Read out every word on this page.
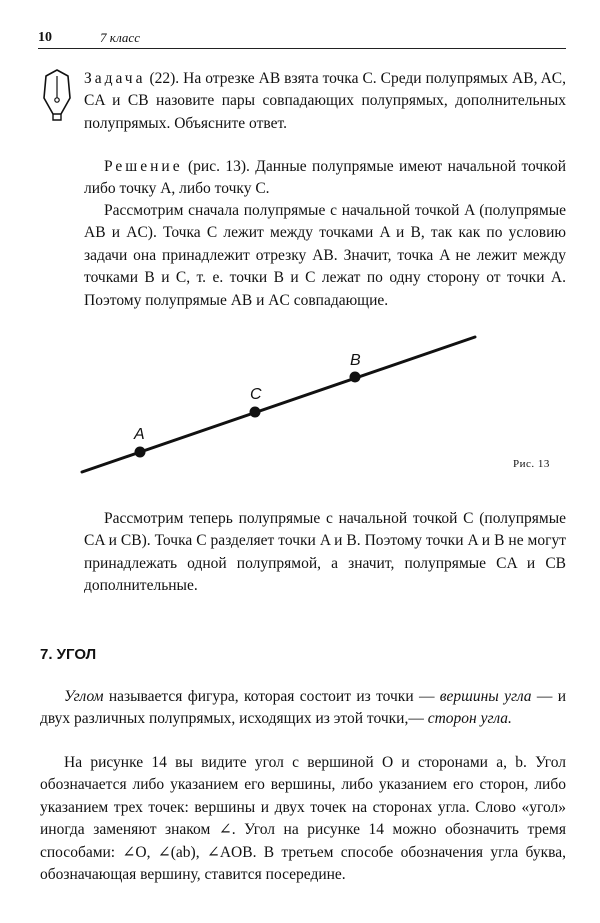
10	7 класс

Задача (22). На отрезке AB взята точка C. Среди полупрямых AB, AC, CA и CB назовите пары совпадающих полупрямых, дополнительных полупрямых. Объясните ответ.

Решение (рис. 13). Данные полупрямые имеют начальной точкой либо точку A, либо точку C.

Рассмотрим сначала полупрямые с начальной точкой A (полупрямые AB и AC). Точка C лежит между точками A и B, так как по условию задачи она принадлежит отрезку AB. Значит, точка A не лежит между точками B и C, т. е. точки B и C лежат по одну сторону от точки A. Поэтому полупрямые AB и AC совпадающие.

A
C
B
Рис. 13

Рассмотрим теперь полупрямые с начальной точкой C (полупрямые CA и CB). Точка C разделяет точки A и B. Поэтому точки A и B не могут принадлежать одной полупрямой, а значит, полупрямые CA и CB дополнительные.

7. УГОЛ

Углом называется фигура, которая состоит из точки — вершины угла — и двух различных полупрямых, исходящих из этой точки,— сторон угла.

На рисунке 14 вы видите угол с вершиной O и сторонами a, b. Угол обозначается либо указанием его вершины, либо указанием его сторон, либо указанием трех точек: вершины и двух точек на сторонах угла. Слово «угол» иногда заменяют знаком ∠. Угол на рисунке 14 можно обозначить тремя способами: ∠O, ∠(ab), ∠AOB. В третьем способе обозначения угла буква, обозначающая вершину, ставится посередине.
